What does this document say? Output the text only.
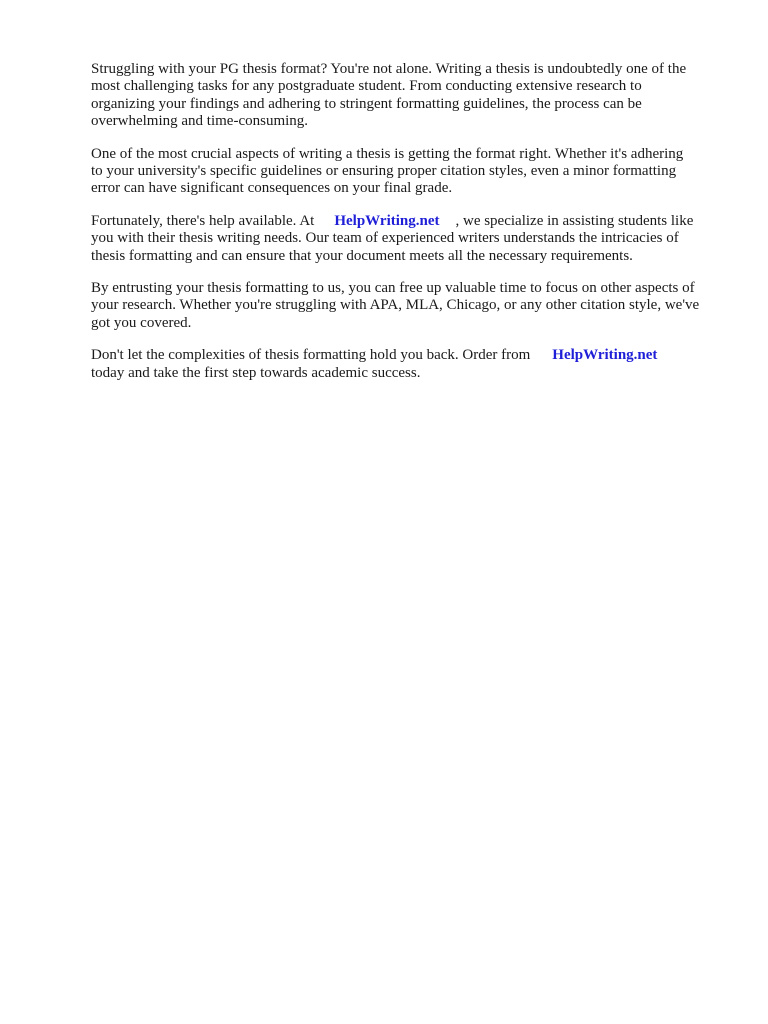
Struggling with your PG thesis format? You're not alone. Writing a thesis is undoubtedly one of the
most challenging tasks for any postgraduate student. From conducting extensive research to
organizing your findings and adhering to stringent formatting guidelines, the process can be
overwhelming and time-consuming.

One of the most crucial aspects of writing a thesis is getting the format right. Whether it's adhering
to your university's specific guidelines or ensuring proper citation styles, even a minor formatting
error can have significant consequences on your final grade.

Fortunately, there's help available. At HelpWriting.net , we specialize in assisting students like
you with their thesis writing needs. Our team of experienced writers understands the intricacies of
thesis formatting and can ensure that your document meets all the necessary requirements.

By entrusting your thesis formatting to us, you can free up valuable time to focus on other aspects of
your research. Whether you're struggling with APA, MLA, Chicago, or any other citation style, we've
got you covered.

Don't let the complexities of thesis formatting hold you back. Order from HelpWriting.net
today and take the first step towards academic success.
